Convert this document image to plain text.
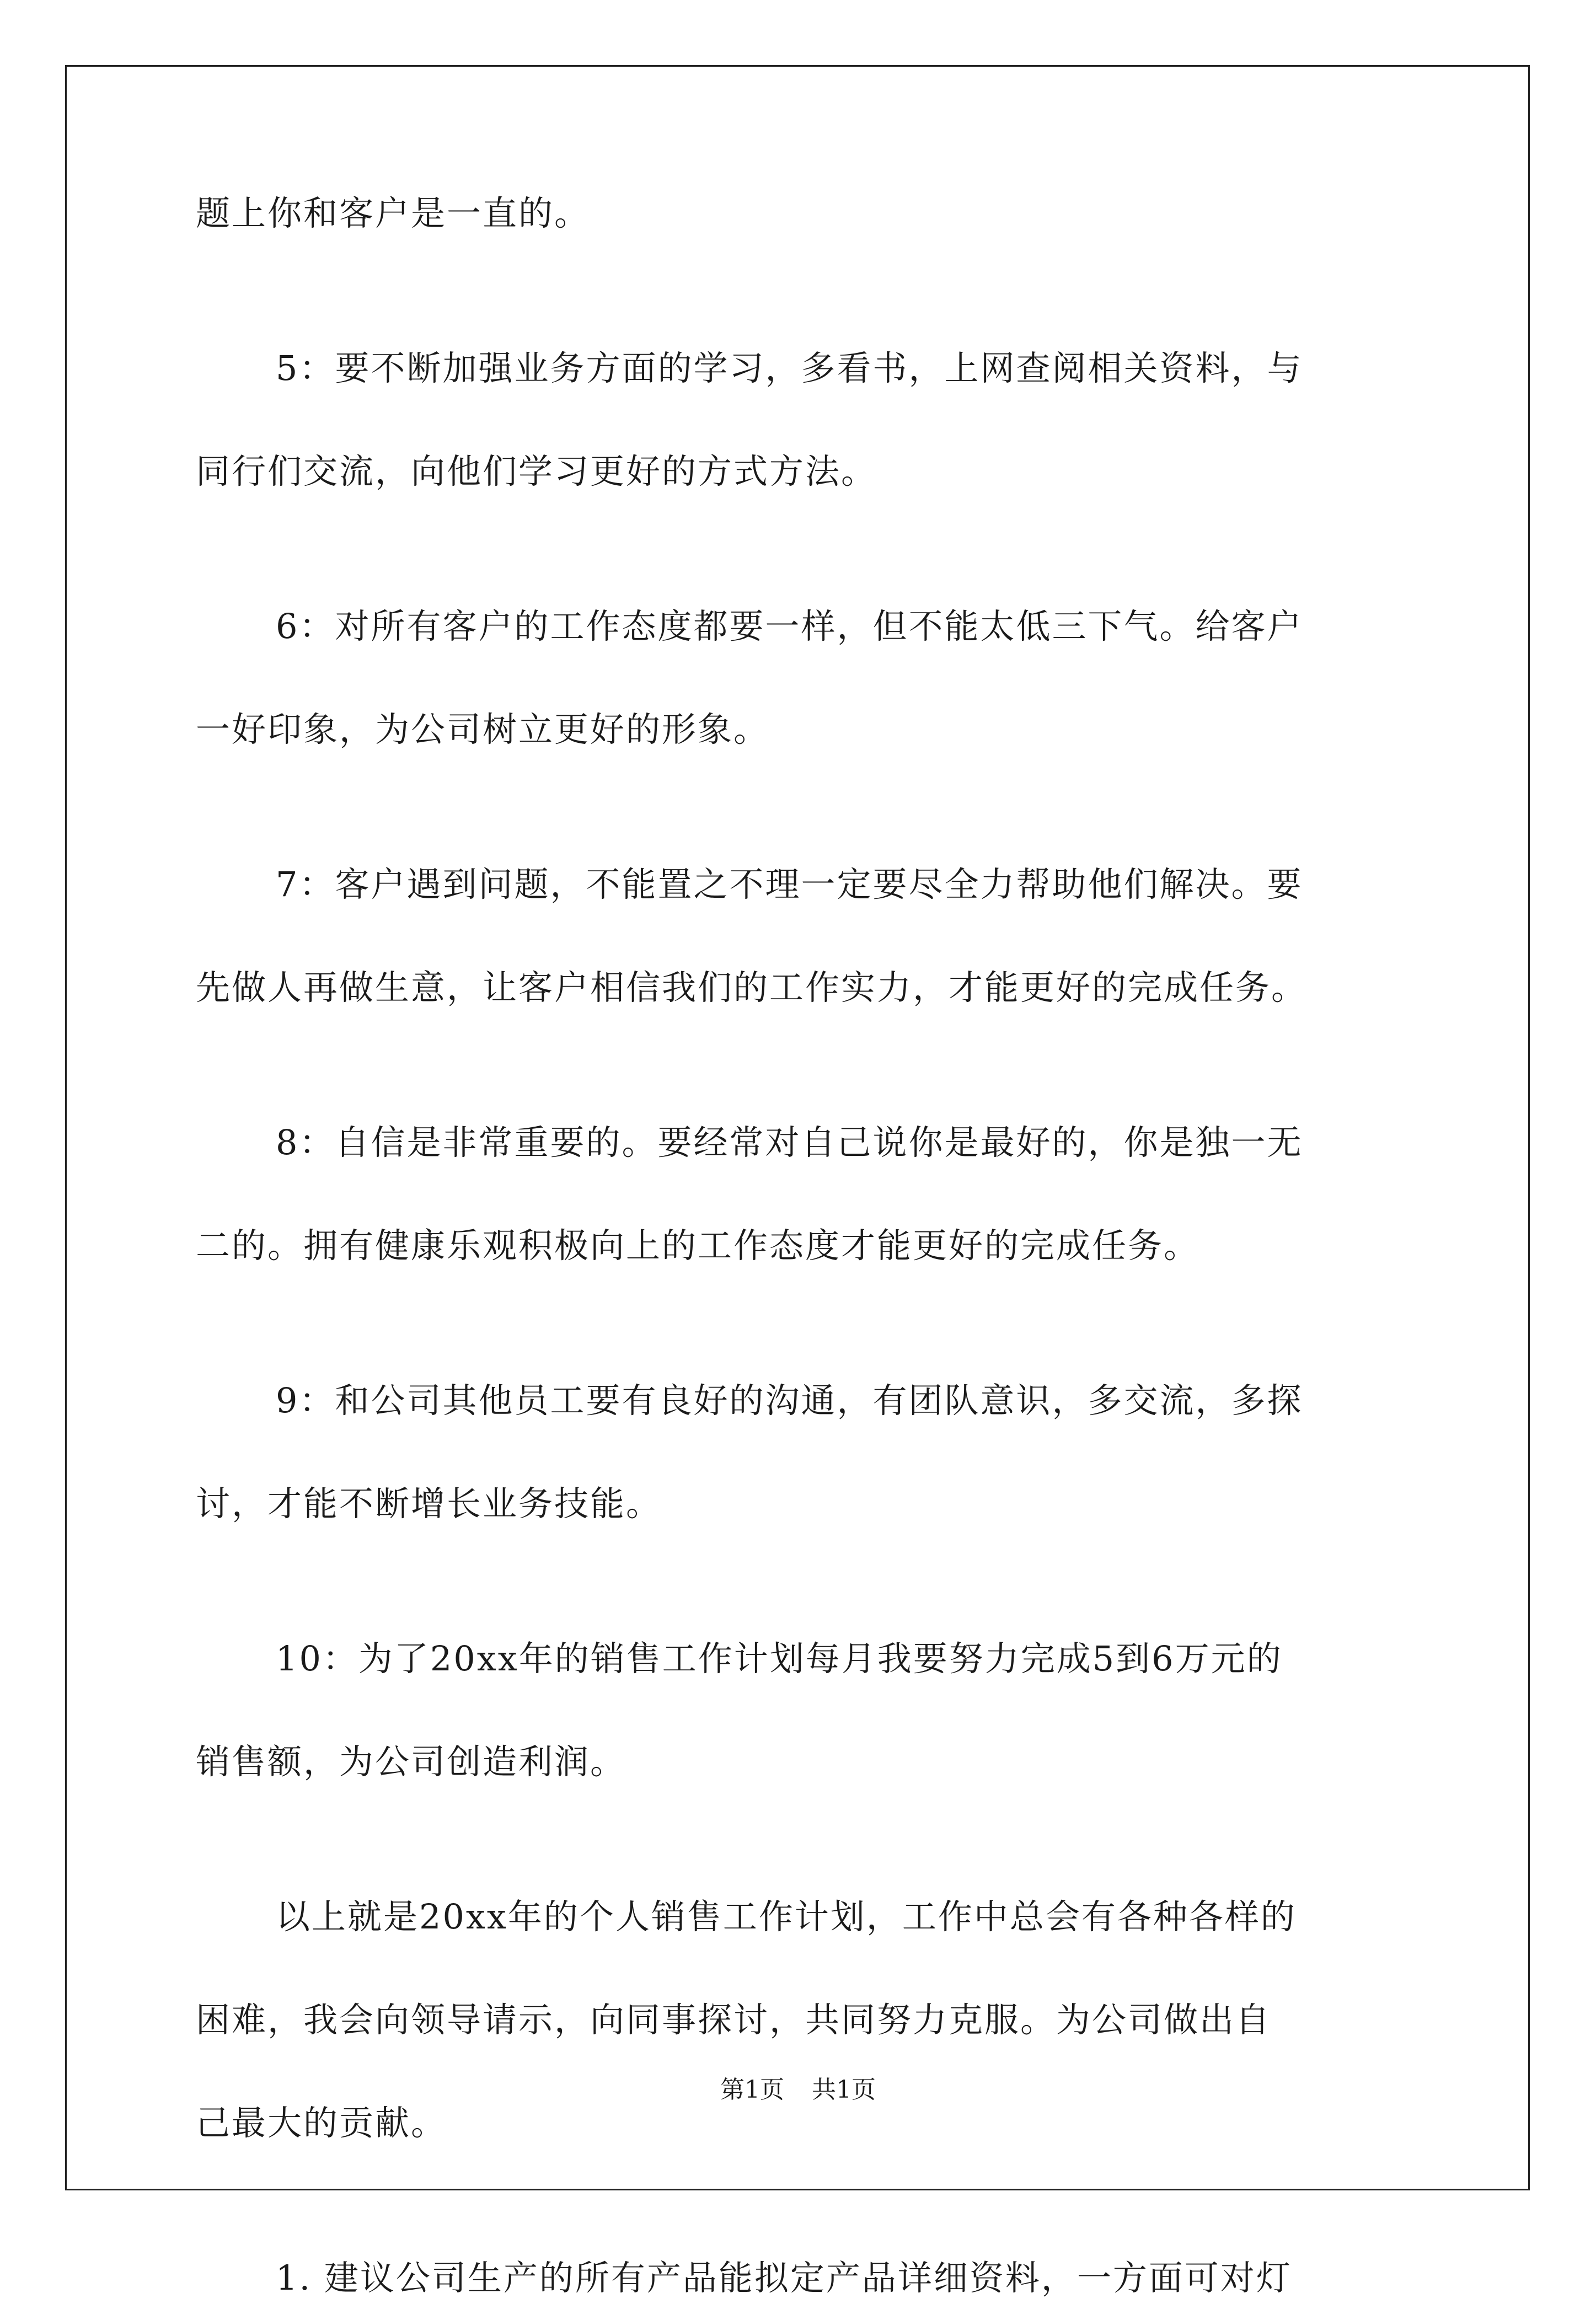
题上你和客户是一直的。
5：要不断加强业务方面的学习，多看书，上网查阅相关资料，与
同行们交流，向他们学习更好的方式方法。
6：对所有客户的工作态度都要一样，但不能太低三下气。给客户
一好印象，为公司树立更好的形象。
7：客户遇到问题，不能置之不理一定要尽全力帮助他们解决。要
先做人再做生意，让客户相信我们的工作实力，才能更好的完成任务。
8：自信是非常重要的。要经常对自己说你是最好的，你是独一无
二的。拥有健康乐观积极向上的工作态度才能更好的完成任务。
9：和公司其他员工要有良好的沟通，有团队意识，多交流，多探
讨，才能不断增长业务技能。
10：为了20xx年的销售工作计划每月我要努力完成5到6万元的
销售额，为公司创造利润。
以上就是20xx年的个人销售工作计划，工作中总会有各种各样的
困难，我会向领导请示，向同事探讨，共同努力克服。为公司做出自
己最大的贡献。
1. 建议公司生产的所有产品能拟定产品详细资料，一方面可对灯
第1页 共1页
